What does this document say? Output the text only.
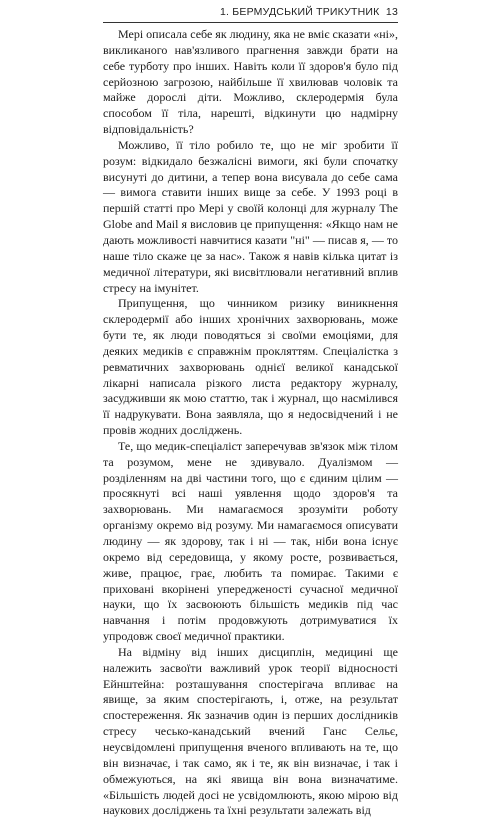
1. БЕРМУДСЬКИЙ ТРИКУТНИК 13

Мері описала себе як людину, яка не вміє сказати «ні», викликаного нав'язливого прагнення завжди брати на себе турботу про інших. Навіть коли її здоров'я було під серйозною загрозою, найбільше її хвилював чоловік та майже дорослі діти. Можливо, склеродермія була способом її тіла, нарешті, відкинути цю надмірну відповідальність?

Можливо, її тіло робило те, що не міг зробити її розум: відкидало безжалісні вимоги, які були спочатку висунуті до дитини, а тепер вона висувала до себе сама — вимога ставити інших вище за себе. У 1993 році в першій статті про Мері у своїй колонці для журналу The Globe and Mail я висловив це припущення: «Якщо нам не дають можливості навчитися казати "ні" — писав я, — то наше тіло скаже це за нас». Також я навів кілька цитат із медичної літератури, які висвітлювали негативний вплив стресу на імунітет.

Припущення, що чинником ризику виникнення склеродермії або інших хронічних захворювань, може бути те, як люди поводяться зі своїми емоціями, для деяких медиків є справжнім прокляттям. Спеціалістка з ревматичних захворювань однієї великої канадської лікарні написала різкого листа редактору журналу, засудживши як мою статтю, так і журнал, що насмілився її надрукувати. Вона заявляла, що я недосвідчений і не провів жодних досліджень.

Те, що медик-спеціаліст заперечував зв'язок між тілом та розумом, мене не здивувало. Дуалізмом — розділенням на дві частини того, що є єдиним цілим — просякнуті всі наші уявлення щодо здоров'я та захворювань. Ми намагаємося зрозуміти роботу організму окремо від розуму. Ми намагаємося описувати людину — як здорову, так і ні — так, ніби вона існує окремо від середовища, у якому росте, розвивається, живе, працює, грає, любить та помирає. Такими є приховані вкорінені упередженості сучасної медичної науки, що їх засвоюють більшість медиків під час навчання і потім продовжують дотримуватися їх упродовж своєї медичної практики.

На відміну від інших дисциплін, медицині ще належить засвоїти важливий урок теорії відносності Ейнштейна: розташування спостерігача впливає на явище, за яким спостерігають, і, отже, на результат спостереження. Як зазначив один із перших дослідників стресу чесько-канадський вчений Ганс Сельє, неусвідомлені припущення вченого впливають на те, що він визначає, і так само, як і те, як він визначає, і так і обмежуються, на які явища він вона визначатиме. «Більшість людей досі не усвідомлюють, якою мірою від наукових досліджень та їхні результати залежать від
